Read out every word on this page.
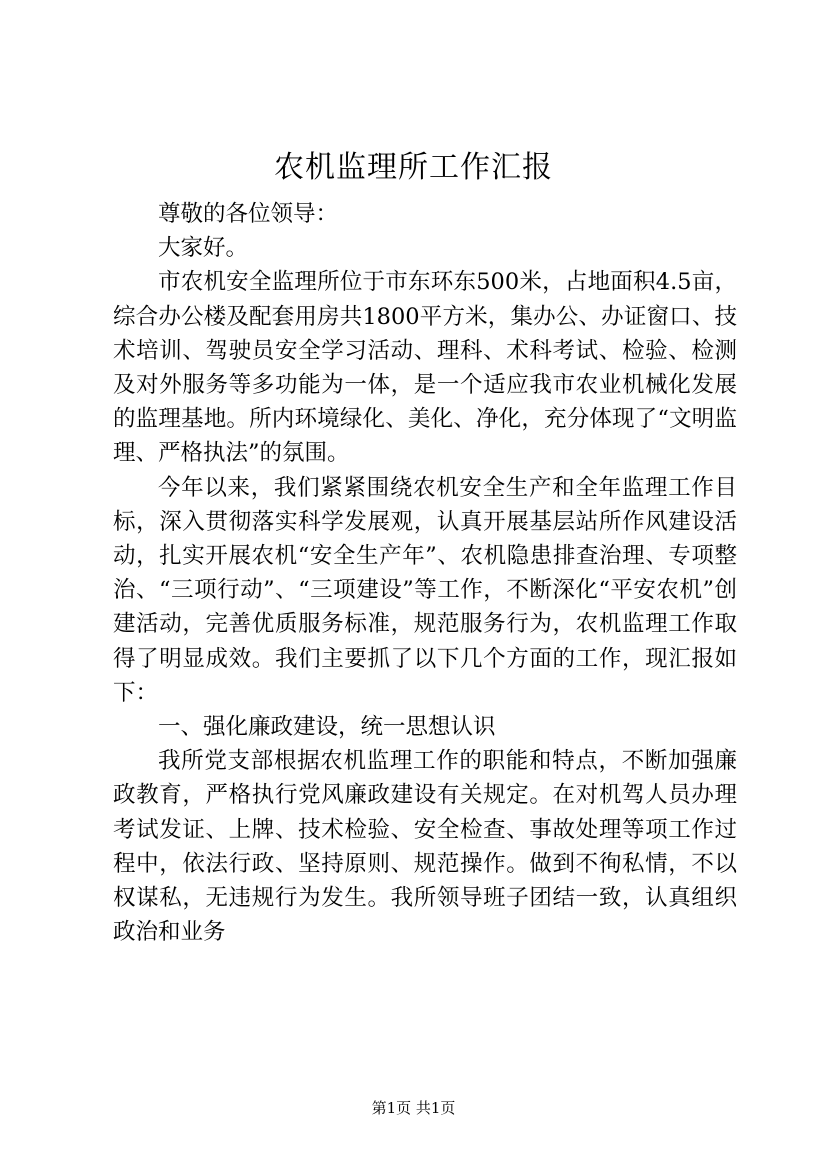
农机监理所工作汇报

尊敬的各位领导：

大家好。

市农机安全监理所位于市东环东500米，占地面积4.5亩，综合办公楼及配套用房共1800平方米，集办公、办证窗口、技术培训、驾驶员安全学习活动、理科、术科考试、检验、检测及对外服务等多功能为一体，是一个适应我市农业机械化发展的监理基地。所内环境绿化、美化、净化，充分体现了“文明监理、严格执法”的氛围。

今年以来，我们紧紧围绕农机安全生产和全年监理工作目标，深入贯彻落实科学发展观，认真开展基层站所作风建设活动，扎实开展农机“安全生产年”、农机隐患排查治理、专项整治、“三项行动”、“三项建设”等工作，不断深化“平安农机”创建活动，完善优质服务标准，规范服务行为，农机监理工作取得了明显成效。我们主要抓了以下几个方面的工作，现汇报如下：

一、强化廉政建设，统一思想认识

我所党支部根据农机监理工作的职能和特点，不断加强廉政教育，严格执行党风廉政建设有关规定。在对机驾人员办理考试发证、上牌、技术检验、安全检查、事故处理等项工作过程中，依法行政、坚持原则、规范操作。做到不徇私情，不以权谋私，无违规行为发生。我所领导班子团结一致，认真组织政治和业务

第1页 共1页
